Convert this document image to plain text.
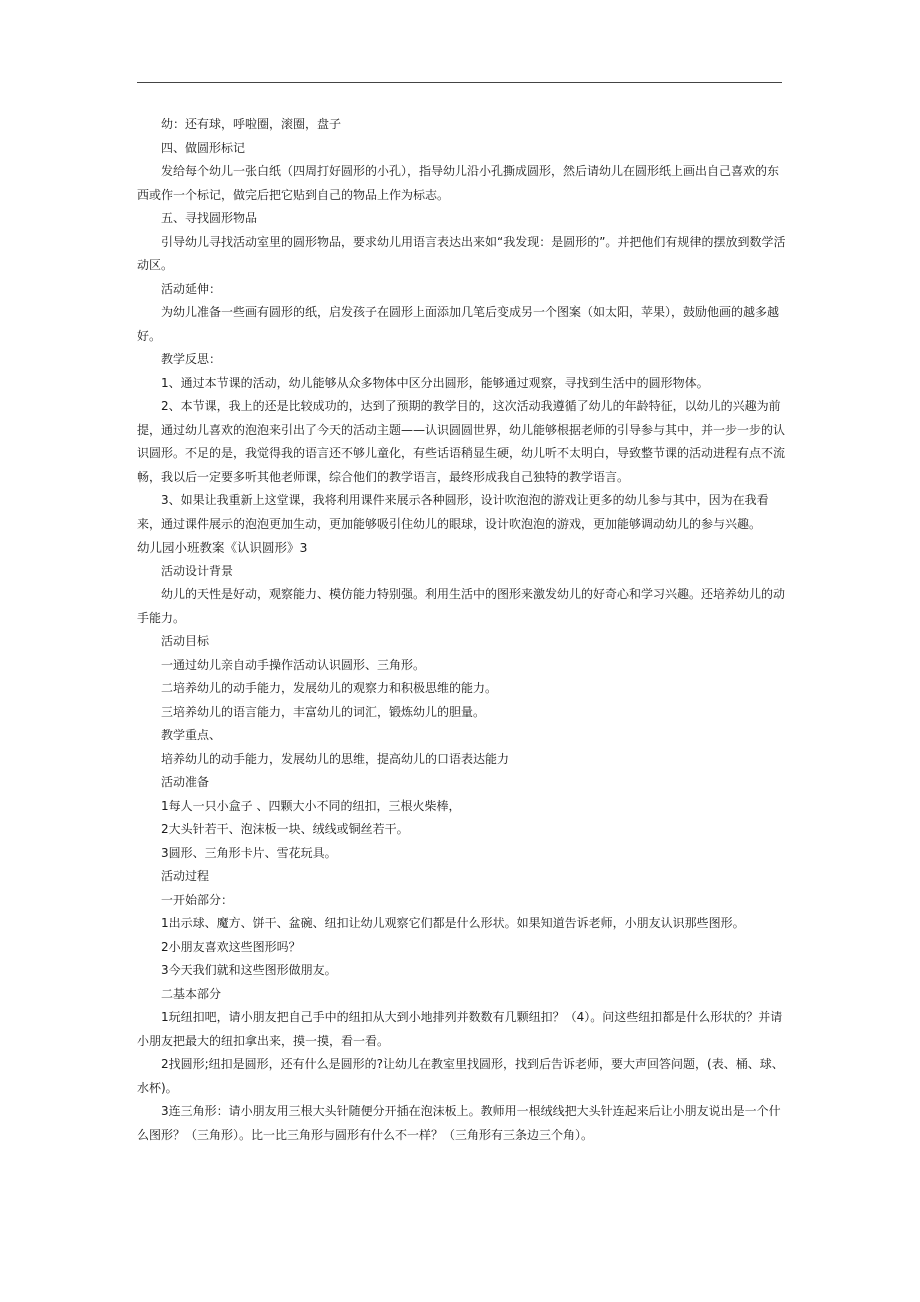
幼：还有球，呼啦圈，滚圈，盘子

四、做圆形标记

发给每个幼儿一张白纸（四周打好圆形的小孔），指导幼儿沿小孔撕成圆形，然后请幼儿在圆形纸上画出自己喜欢的东西或作一个标记，做完后把它贴到自己的物品上作为标志。

五、寻找圆形物品

引导幼儿寻找活动室里的圆形物品，要求幼儿用语言表达出来如“我发现：是圆形的”。并把他们有规律的摆放到数学活动区。

活动延伸：

为幼儿准备一些画有圆形的纸，启发孩子在圆形上面添加几笔后变成另一个图案（如太阳，苹果），鼓励他画的越多越好。

教学反思：

1、通过本节课的活动，幼儿能够从众多物体中区分出圆形，能够通过观察，寻找到生活中的圆形物体。

2、本节课，我上的还是比较成功的，达到了预期的教学目的，这次活动我遵循了幼儿的年龄特征，以幼儿的兴趣为前提，通过幼儿喜欢的泡泡来引出了今天的活动主题——认识圆圆世界，幼儿能够根据老师的引导参与其中，并一步一步的认识圆形。不足的是，我觉得我的语言还不够儿童化，有些话语稍显生硬，幼儿听不太明白，导致整节课的活动进程有点不流畅，我以后一定要多听其他老师课，综合他们的教学语言，最终形成我自己独特的教学语言。

3、如果让我重新上这堂课，我将利用课件来展示各种圆形，设计吹泡泡的游戏让更多的幼儿参与其中，因为在我看来，通过课件展示的泡泡更加生动，更加能够吸引住幼儿的眼球，设计吹泡泡的游戏，更加能够调动幼儿的参与兴趣。

幼儿园小班教案《认识圆形》3

活动设计背景

幼儿的天性是好动，观察能力、模仿能力特别强。利用生活中的图形来激发幼儿的好奇心和学习兴趣。还培养幼儿的动手能力。

活动目标

一通过幼儿亲自动手操作活动认识圆形、三角形。

二培养幼儿的动手能力，发展幼儿的观察力和积极思维的能力。

三培养幼儿的语言能力，丰富幼儿的词汇，锻炼幼儿的胆量。

教学重点、

培养幼儿的动手能力，发展幼儿的思维，提高幼儿的口语表达能力

活动准备

1每人一只小盒子 、四颗大小不同的纽扣，三根火柴棒，

2大头针若干、泡沫板一块、绒线或铜丝若干。

3圆形、三角形卡片、雪花玩具。

活动过程

一开始部分：

1出示球、魔方、饼干、盆碗、纽扣让幼儿观察它们都是什么形状。如果知道告诉老师，小朋友认识那些图形。

2小朋友喜欢这些图形吗？

3今天我们就和这些图形做朋友。

二基本部分

1玩纽扣吧，请小朋友把自己手中的纽扣从大到小地排列并数数有几颗纽扣？（4）。问这些纽扣都是什么形状的？并请小朋友把最大的纽扣拿出来，摸一摸，看一看。

2找圆形;纽扣是圆形，还有什么是圆形的?让幼儿在教室里找圆形，找到后告诉老师，要大声回答问题，(表、桶、球、水杯)。

3连三角形：请小朋友用三根大头针随便分开插在泡沫板上。教师用一根绒线把大头针连起来后让小朋友说出是一个什么图形？（三角形）。比一比三角形与圆形有什么不一样？（三角形有三条边三个角）。
